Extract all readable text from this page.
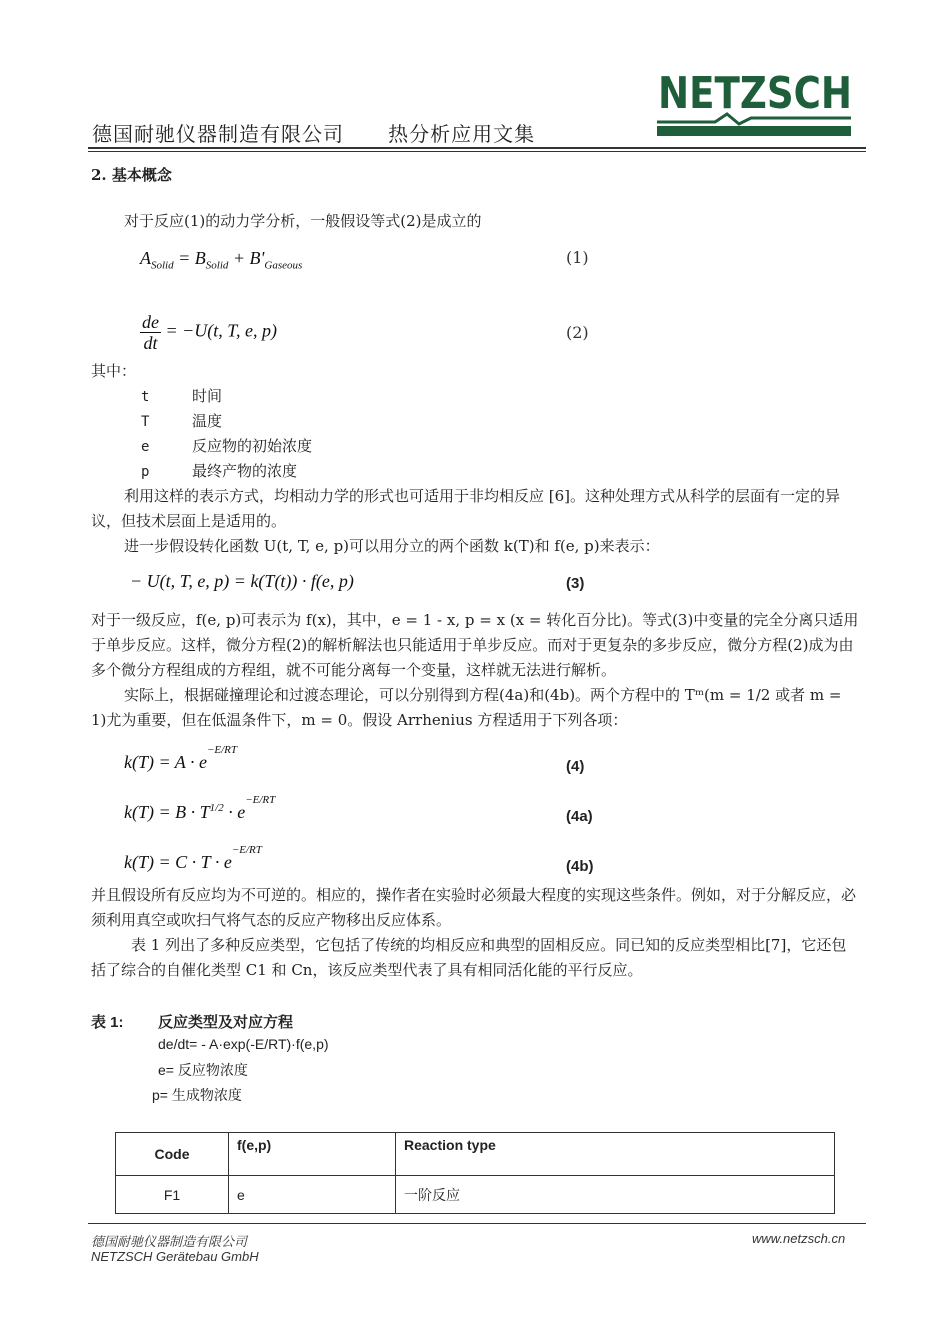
德国耐驰仪器制造有限公司 热分析应用文集
NETZSCH
2. 基本概念
对于反应(1)的动力学分析，一般假设等式(2)是成立的
$A_{Solid} = B_{Solid} + B'_{Gaseous}$	(1)
$\frac{de}{dt} = -U(t$, T, e, p)	(2)
其中：
t	时间
T	温度
e	反应物的初始浓度
p	最终产物的浓度
利用这样的表示方式，均相动力学的形式也可适用于非均相反应 [6]。这种处理方式从科学的层面有一定的异议，但技术层面上是适用的。
进一步假设转化函数 U(t, T, e, p)可以用分立的两个函数 k(T)和 f(e, p)来表示：
− U(t, T, e, p) = k(T(t)) · f(e, p)	(3)
对于一级反应，f(e, p)可表示为 f(x)，其中，e = 1 - x, p = x (x = 转化百分比)。等式(3)中变量的完全分离只适用于单步反应。这样，微分方程(2)的解析解法也只能适用于单步反应。而对于更复杂的多步反应，微分方程(2)成为由多个微分方程组成的方程组，就不可能分离每一个变量，这样就无法进行解析。
实际上，根据碰撞理论和过渡态理论，可以分别得到方程(4a)和(4b)。两个方程中的 Tᵐ(m = 1/2 或者 m = 1)尤为重要，但在低温条件下，m = 0。假设 Arrhenius 方程适用于下列各项：
$k(T) = A \cdot e^{-E/RT}$
(4)
$k(T) = B \cdot T^{1/2} \cdot e^{-E/RT}$
(4a)
$k(T) = C \cdot T \cdot e^{-E/RT}$
(4b)
并且假设所有反应均为不可逆的。相应的，操作者在实验时必须最大程度的实现这些条件。例如，对于分解反应，必须利用真空或吹扫气将气态的反应产物移出反应体系。
表 1 列出了多种反应类型，它包括了传统的均相反应和典型的固相反应。同已知的反应类型相比[7]，它还包括了综合的自催化类型 C1 和 Cn，该反应类型代表了具有相同活化能的平行反应。
表 1: 反应类型及对应方程
de/dt= - A·exp(-E/RT)·f(e,p)
e= 反应物浓度
p= 生成物浓度
Code	f(e,p)	Reaction type
F1	e	一阶反应
德国耐驰仪器制造有限公司
NETZSCH Gerätebau GmbH
www.netzsch.cn
